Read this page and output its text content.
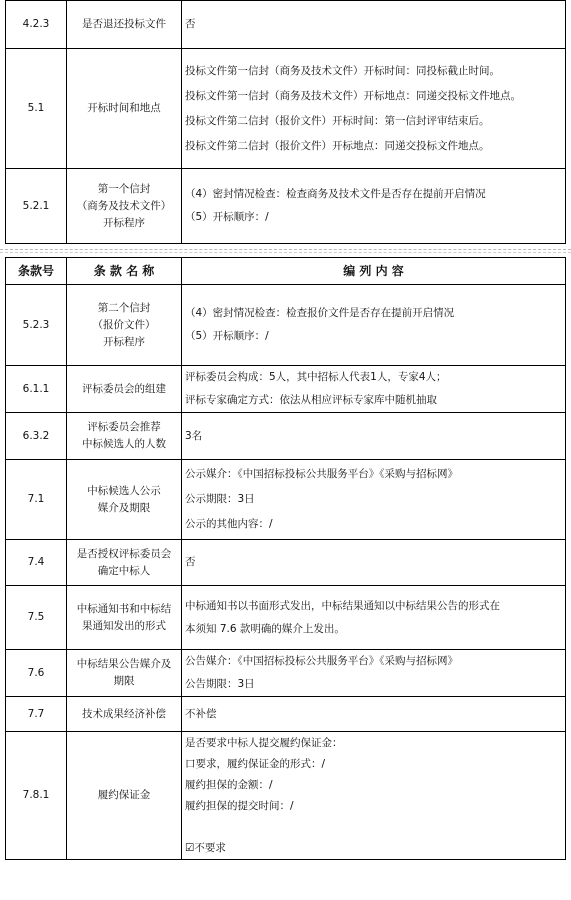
4.2.3	是否退还投标文件	否

5.1	开标时间和地点	投标文件第一信封（商务及技术文件）开标时间：同投标截止时间。
投标文件第一信封（商务及技术文件）开标地点：同递交投标文件地点。
投标文件第二信封（报价文件）开标时间：第一信封评审结束后。
投标文件第二信封（报价文件）开标地点：同递交投标文件地点。

5.2.1	第一个信封
（商务及技术文件）
开标程序	（4）密封情况检查：检查商务及技术文件是否存在提前开启情况
（5）开标顺序：/
条款号	条 款 名 称	编 列 内 容
5.2.3	第二个信封
（报价文件）
开标程序	（4）密封情况检查：检查报价文件是否存在提前开启情况
（5）开标顺序：/

6.1.1	评标委员会的组建	评标委员会构成：5人，其中招标人代表1人，专家4人；
评标专家确定方式：依法从相应评标专家库中随机抽取

6.3.2	评标委员会推荐
中标候选人的人数	3名

7.1	中标候选人公示
媒介及期限	公示媒介：《中国招标投标公共服务平台》《采购与招标网》
公示期限：3日
公示的其他内容：/

7.4	是否授权评标委员会
确定中标人	否

7.5	中标通知书和中标结
果通知发出的形式	中标通知书以书面形式发出，中标结果通知以中标结果公告的形式在
本须知 7.6 款明确的媒介上发出。

7.6	中标结果公告媒介及
期限	公告媒介：《中国招标投标公共服务平台》《采购与招标网》
公告期限：3日

7.7	技术成果经济补偿	不补偿

7.8.1	履约保证金	是否要求中标人提交履约保证金：
口要求，履约保证金的形式：/
履约担保的金额：/
履约担保的提交时间：/

☑不要求
